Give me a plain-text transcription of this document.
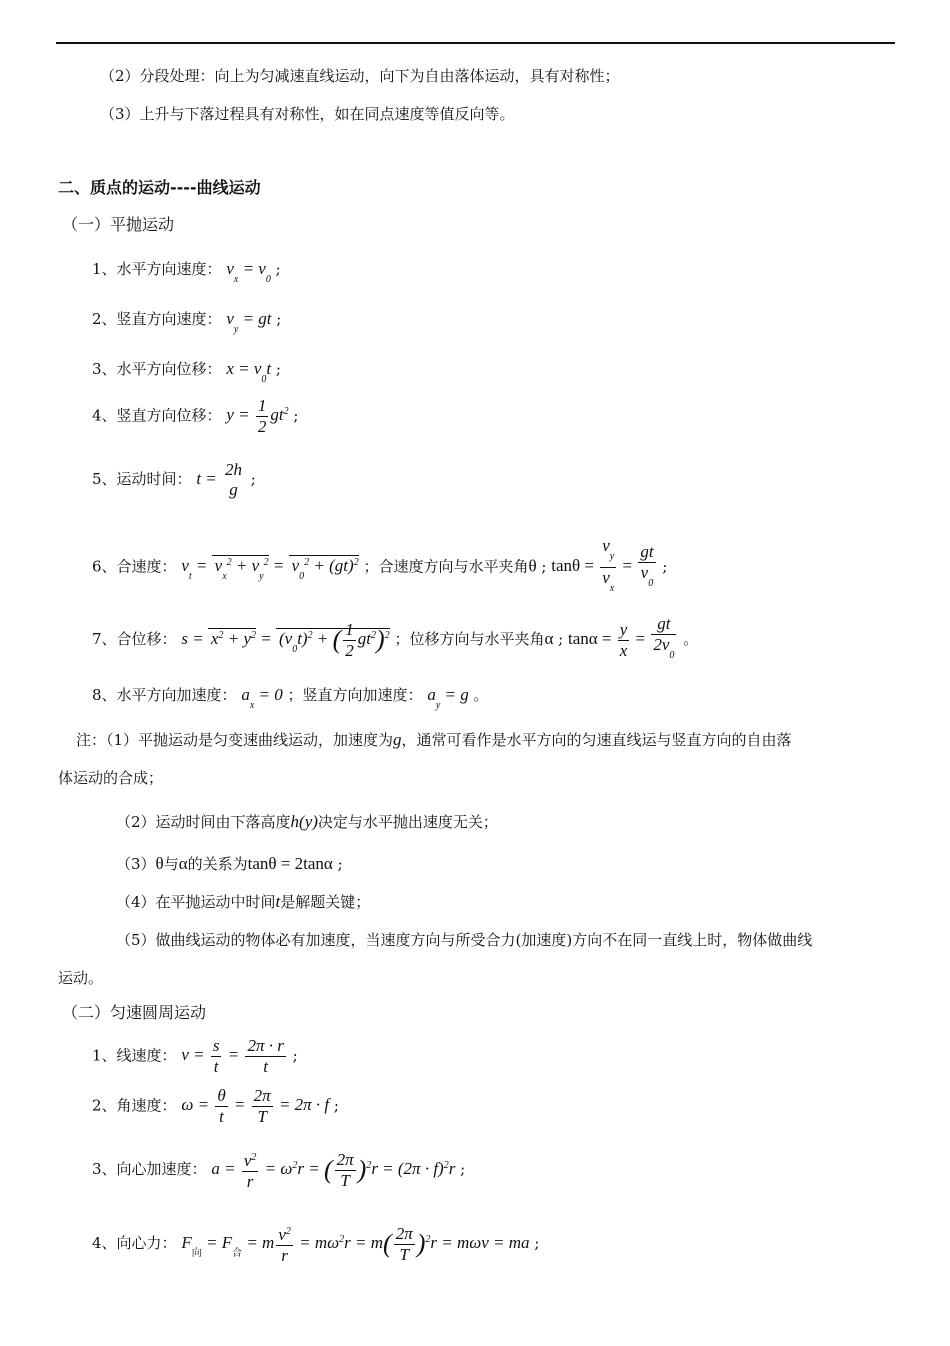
（2）分段处理：向上为匀减速直线运动，向下为自由落体运动，具有对称性；
（3）上升与下落过程具有对称性，如在同点速度等值反向等。
二、质点的运动----曲线运动
（一）平抛运动
1、水平方向速度： $v_x = v_0$ ;
2、竖直方向速度： $v_y$ = gt ;
3、水平方向位移： $x = v_0t$ ;
4、竖直方向位移： $y = \frac{1}{2} gt^2$ ;
5、运动时间： t = 2h
g
;
6、合速度： $v_t = v_x^2 + v_y^2 = v_0^2 + (gt)^2$ ；合速度方向与水平夹角θ ; $\tan\theta = \frac{v_y}{v_x} = \frac{gt}{v_0}$ ;
7、合位移： $s = x^2 + y^2 = (v_0t)^2$ + ( $\frac{1}{2} gt^2)^2$ ；位移方向与水平夹角α ; $\tan\alpha = \frac{y}{x} = \frac{gt}{2v_0}$ 。
8、水平方向加速度： $a_x = 0$ ；竖直方向加速度： $a_y = g$ 。
注：（1）平抛运动是匀变速曲线运动，加速度为g，通常可看作是水平方向的匀速直线运与竖直方向的自由落
体运动的合成；
（2）运动时间由下落高度h(y)决定与水平抛出速度无关；
（3）θ与α的关系为tanθ = 2tanα ;
（4）在平抛运动中时间t是解题关键；
（5）做曲线运动的物体必有加速度，当速度方向与所受合力(加速度)方向不在同一直线上时，物体做曲线
运动。
（二）匀速圆周运动
1、线速度： $v = \frac{s}{t} = \frac{2\pi \cdot r}{t}$ ;
2、角速度： $\omega = \frac{\theta}{t} = \frac{2\pi}{T} = 2\pi \cdot f$ ;
3、向心加速度： $a = \frac{v^2}{r} = \omega^2r$ = ( $\frac{2\pi}{T} )^2r = (2\pi \cdot f)^2r$ ;
4、向心力： $F_向 = F_合 = m \frac{v^2}{r} = m\omega^2r = m( \frac{2\pi}{T} )^2r = m\omega v$ = ma ;
